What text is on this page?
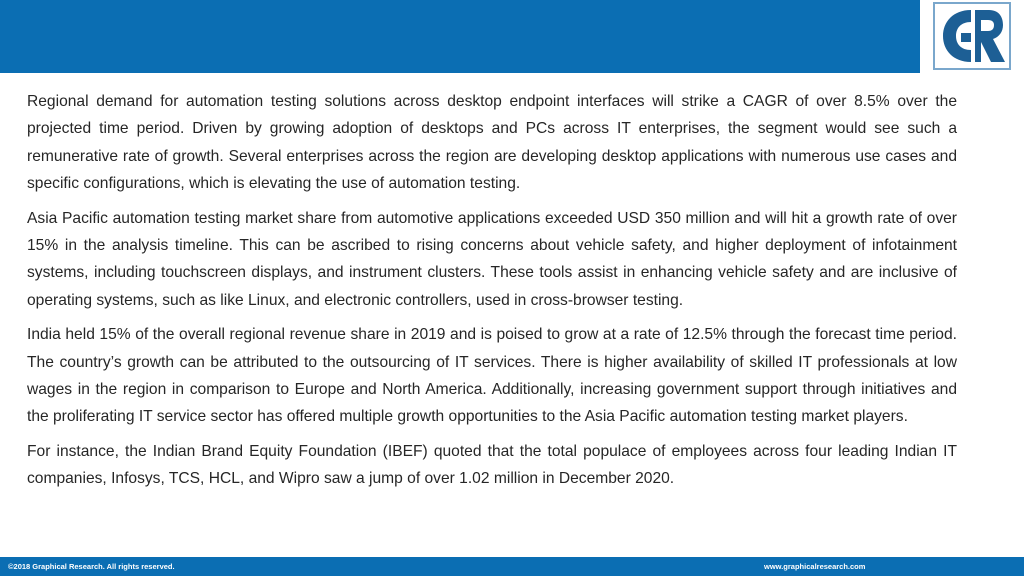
Regional demand for automation testing solutions across desktop endpoint interfaces will strike a CAGR of over 8.5% over the projected time period. Driven by growing adoption of desktops and PCs across IT enterprises, the segment would see such a remunerative rate of growth. Several enterprises across the region are developing desktop applications with numerous use cases and specific configurations, which is elevating the use of automation testing.

Asia Pacific automation testing market share from automotive applications exceeded USD 350 million and will hit a growth rate of over 15% in the analysis timeline. This can be ascribed to rising concerns about vehicle safety, and higher deployment of infotainment systems, including touchscreen displays, and instrument clusters. These tools assist in enhancing vehicle safety and are inclusive of operating systems, such as like Linux, and electronic controllers, used in cross-browser testing.

India held 15% of the overall regional revenue share in 2019 and is poised to grow at a rate of 12.5% through the forecast time period. The country’s growth can be attributed to the outsourcing of IT services. There is higher availability of skilled IT professionals at low wages in the region in comparison to Europe and North America. Additionally, increasing government support through initiatives and the proliferating IT service sector has offered multiple growth opportunities to the Asia Pacific automation testing market players.

For instance, the Indian Brand Equity Foundation (IBEF) quoted that the total populace of employees across four leading Indian IT companies, Infosys, TCS, HCL, and Wipro saw a jump of over 1.02 million in December 2020.

©2018 Graphical Research. All rights reserved.	www.graphicalresearch.com
